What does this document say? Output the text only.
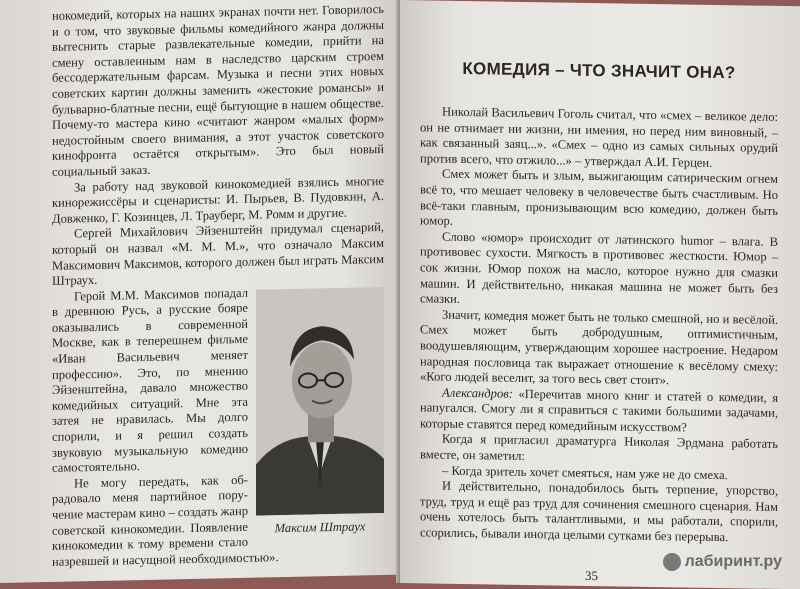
нокомедий, которых на наших экранах почти нет. Говорилось и о том, что звуковые фильмы комедийного жанра должны вытеснить старые развлекательные комедии, прийти на смену оставленным нам в наследство царским строем бессодержательным фарсам. Музыка и песни этих новых советских картин должны заменить «жестокие романсы» и бульварно-блатные песни, ещё бытующие в нашем обществе. Почему-то мастера кино «считают жанром «малых форм» недостойным своего внимания, а этот участок советского кинофронта остаётся открытым». Это был новый социальный заказ.

За работу над звуковой кинокомедией взялись многие кинорежиссёры и сценаристы: И. Пырьев, В. Пудовкин, А. Довженко, Г. Козинцев, Л. Трауберг, М. Ромм и другие.

Сергей Михайлович Эйзенштейн придумал сценарий, который он назвал «М. М. М.», что означало Максим Максимович Максимов, которого должен был играть Максим Штраух.

Максим Штраух

Герой М.М. Максимов попадал в древнюю Русь, а русские бояре оказывались в современной Москве, как в теперешнем фильме «Иван Васильевич меняет профессию». Это, по мнению Эйзенштейна, давало множество комедийных ситуаций. Мне эта затея не нравилась. Мы долго спорили, и я решил создать звуковую музыкальную комедию самостоятельно.

Не могу передать, как обрадовало меня партийное поручение мастерам кино – создать жанр советской кинокомедии. Появление кинокомедии к тому времени стало назревшей и насущной необходимостью».

КОМЕДИЯ – ЧТО ЗНАЧИТ ОНА?

Николай Васильевич Гоголь считал, что «смех – великое дело: он не отнимает ни жизни, ни имения, но перед ним виновный, – как связанный заяц...». «Смех – одно из самых сильных орудий против всего, что отжило...» – утверждал А.И. Герцен.

Смех может быть и злым, выжигающим сатирическим огнем всё то, что мешает человеку в человечестве быть счастливым. Но всё-таки главным, пронизывающим всю комедию, должен быть юмор.

Слово «юмор» происходит от латинского humor – влага. В противовес сухости. Мягкость в противовес жесткости. Юмор – сок жизни. Юмор похож на масло, которое нужно для смазки машин. И действительно, никакая машина не может быть без смазки.

Значит, комедия может быть не только смешной, но и весёлой. Смех может быть добродушным, оптимистичным, воодушевляющим, утверждающим хорошее настроение. Недаром народная пословица так выражает отношение к весёлому смеху: «Кого людей веселит, за того весь свет стоит».

Александров: «Перечитав много книг и статей о комедии, я напугался. Смогу ли я справиться с такими большими задачами, которые ставятся перед комедийным искусством?

Когда я пригласил драматурга Николая Эрдмана работать вместе, он заметил:

– Когда зритель хочет смеяться, нам уже не до смеха.

И действительно, понадобилось быть терпение, упорство, труд, труд и ещё раз труд для сочинения смешного сценария. Нам очень хотелось быть талантливыми, и мы работали, спорили, ссорились, бывали иногда целыми сутками без перерыва.

35
лабиринт.ру
